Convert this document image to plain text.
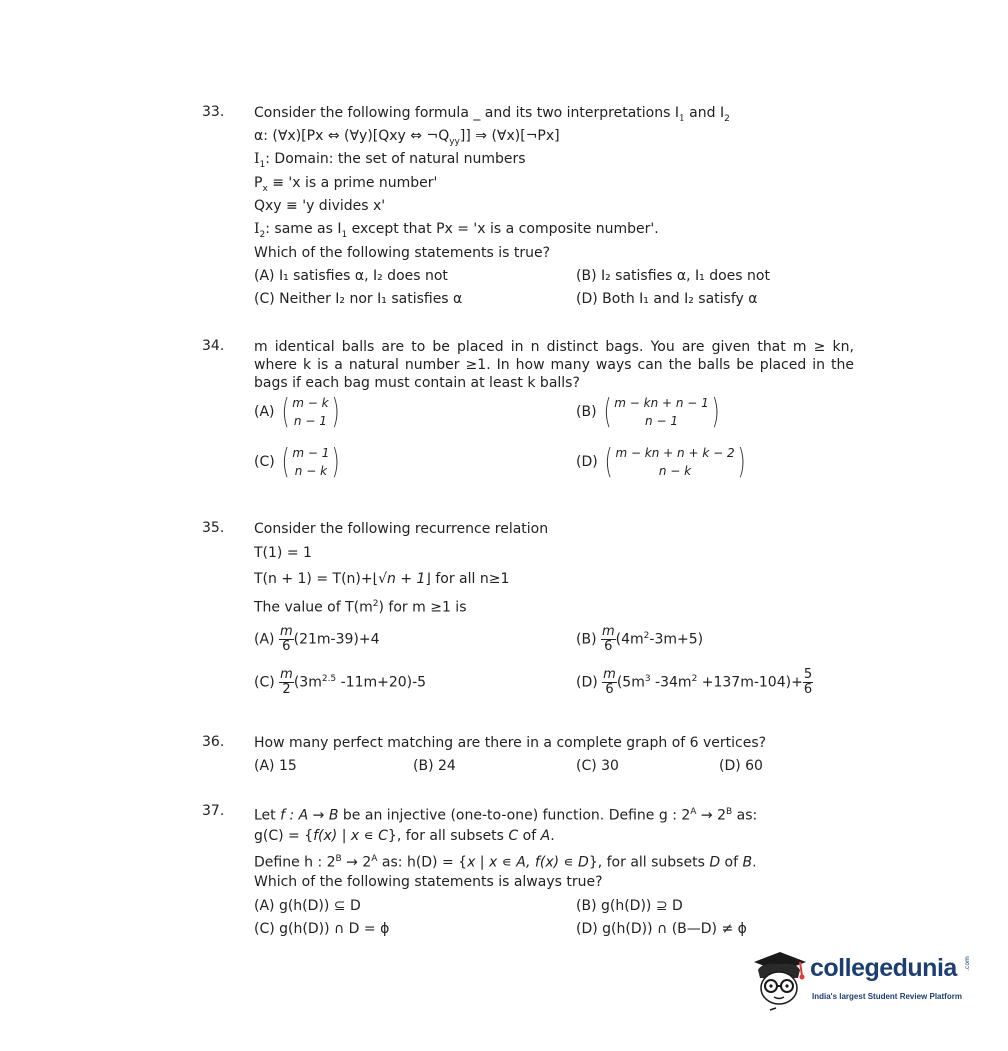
33. Consider the following formula _ and its two interpretations $I_1$ and $I_2$
α: (∀x)[Px ⇔ (∀y)[Qxy ⇔ $\neg Q_{yy}$]] ⇒ (∀x)[¬Px]
$I_1$: Domain: the set of natural numbers
$P_x$ ≡ 'x is a prime number'
Qxy ≡ 'y divides x'
$I_2$: same as $I_1$ except that Px = 'x is a composite number'.
Which of the following statements is true?
(A) I₁ satisfies α, I₂ does not	(B) I₂ satisfies α, I₁ does not
(C) Neither I₂ nor I₁ satisfies α	(D) Both I₁ and I₂ satisfy α
34. m identical balls are to be placed in n distinct bags. You are given that m ≥ kn, where k is a natural number ≥1. In how many ways can the balls be placed in the bags if each bag must contain at least k balls?
(A) ( m − k
n − 1 )	(B) ( m − kn + n − 1
n − 1 )
(C) ( m − 1
n − k )	(D) ( m − kn + n + k − 2
n − k	)
35. Consider the following recurrence relation
T(1) = 1
T(n + 1) = T(n)+⌊√n + 1⌋ for all n≥1
The value of $T(m^2)$ for m ≥1 is
$(A) \frac{m}{6} (21m-39)+4$	$(B) \frac{m}{6} (4m^2-3m+5)$
$(C) \frac{m}{2} (3m^{2.5}$ -11m+20)-5	$(D) \frac{m}{6} (5m^3$ $-34m^2 +137m-104)+ \frac{5}{6}$
36. How many perfect matching are there in a complete graph of 6 vertices?
(A) 15	(B) 24	(C) 30	(D) 60
37. Let f : A → B be an injective (one-to-one) function. Define g : $2^A \to 2^B$ as:
g(C) = {f(x) | x ∊ C}, for all subsets C of A.
Define h : $2^B \to 2^A$ as: h(D) = {x | x ∊ A, f(x) ∊ D}, for all subsets D of B.
Which of the following statements is always true?
(A) g(h(D)) ⊆ D	(B) g(h(D)) ⊇ D
(C) g(h(D)) ∩ D = ϕ	(D) g(h(D)) ∩ (B—D) ≠ ϕ
collegedunia .com
India's largest Student Review Platform
